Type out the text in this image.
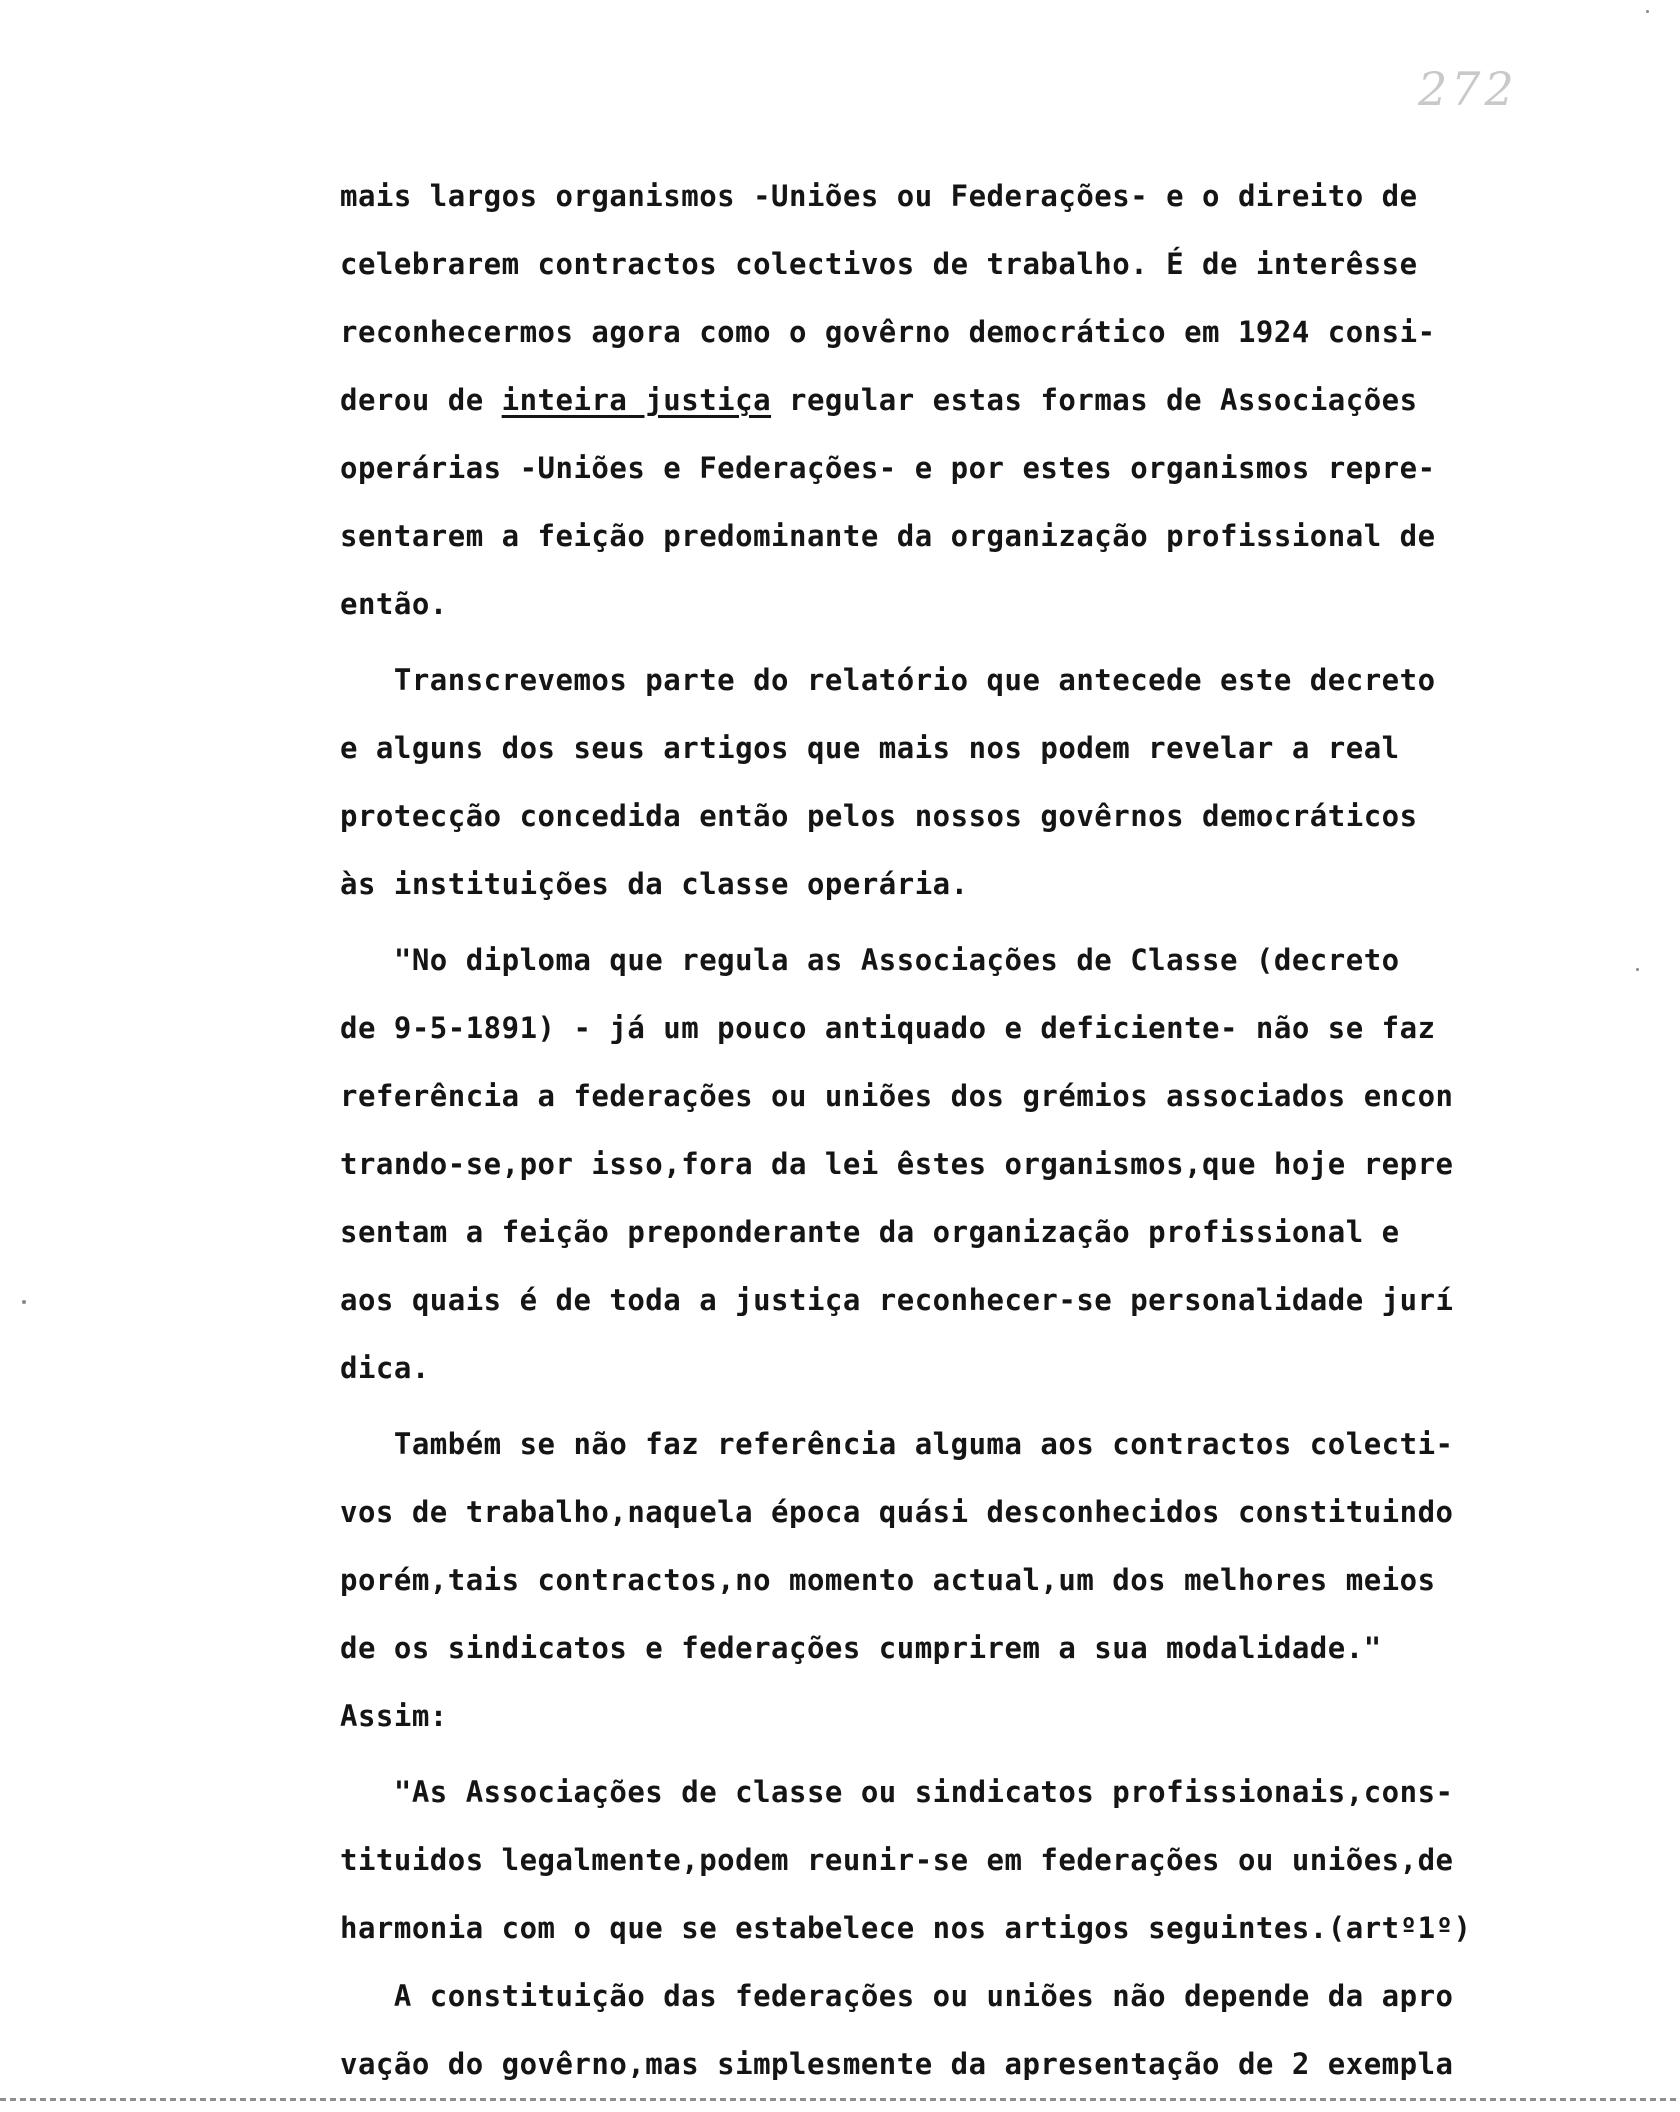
272
mais largos organismos -Uniões ou Federações- e o direito de
celebrarem contractos colectivos de trabalho. É de interêsse
reconhecermos agora como o govêrno democrático em 1924 consi-
derou de inteira justiça regular estas formas de Associações
operárias -Uniões e Federações- e por estes organismos repre-
sentarem a feição predominante da organização profissional de
então.
Transcrevemos parte do relatório que antecede este decreto
e alguns dos seus artigos que mais nos podem revelar a real
protecção concedida então pelos nossos govêrnos democráticos
às instituições da classe operária.
"No diploma que regula as Associações de Classe (decreto
de 9-5-1891) - já um pouco antiquado e deficiente- não se faz
referência a federações ou uniões dos grémios associados encon
trando-se,por isso,fora da lei êstes organismos,que hoje repre
sentam a feição preponderante da organização profissional e
aos quais é de toda a justiça reconhecer-se personalidade jurí
dica.
Também se não faz referência alguma aos contractos colecti-
vos de trabalho,naquela época quási desconhecidos constituindo
porém,tais contractos,no momento actual,um dos melhores meios
de os sindicatos e federações cumprirem a sua modalidade."
Assim:
"As Associações de classe ou sindicatos profissionais,cons-
tituidos legalmente,podem reunir-se em federações ou uniões,de
harmonia com o que se estabelece nos artigos seguintes.(artº1º)
A constituição das federações ou uniões não depende da apro
vação do govêrno,mas simplesmente da apresentação de 2 exempla
